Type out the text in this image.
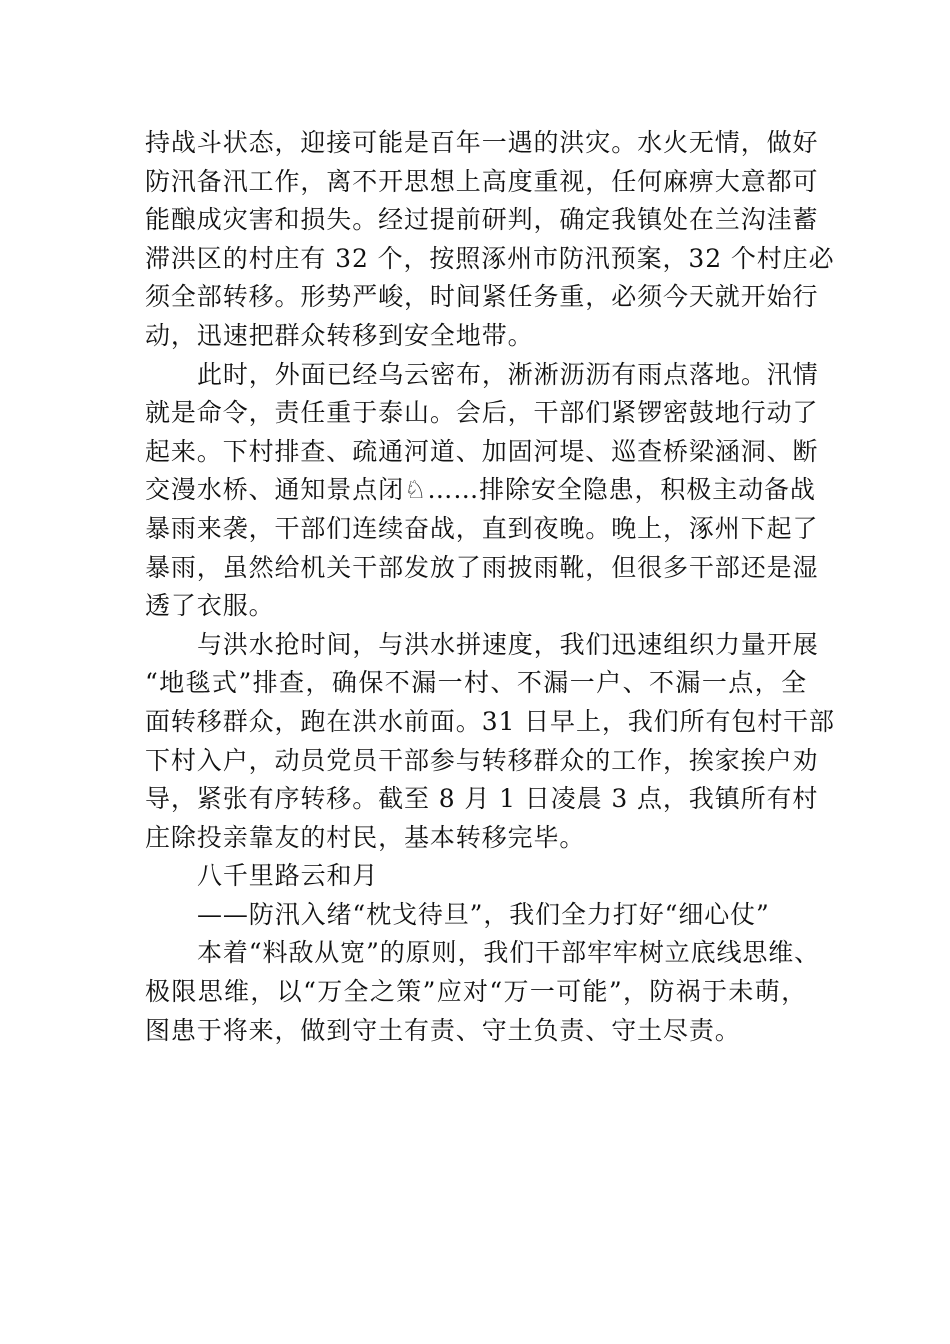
持战斗状态，迎接可能是百年一遇的洪灾。水火无情，做好
防汛备汛工作，离不开思想上高度重视，任何麻痹大意都可
能酿成灾害和损失。经过提前研判，确定我镇处在兰沟洼蓄
滞洪区的村庄有 32 个，按照涿州市防汛预案，32 个村庄必
须全部转移。形势严峻，时间紧任务重，必须今天就开始行
动，迅速把群众转移到安全地带。

此时，外面已经乌云密布，淅淅沥沥有雨点落地。汛情
就是命令，责任重于泰山。会后，干部们紧锣密鼓地行动了
起来。下村排查、疏通河道、加固河堤、巡查桥梁涵洞、断
交漫水桥、通知景点闭♘……排除安全隐患，积极主动备战
暴雨来袭，干部们连续奋战，直到夜晚。晚上，涿州下起了
暴雨，虽然给机关干部发放了雨披雨靴，但很多干部还是湿
透了衣服。

与洪水抢时间，与洪水拼速度，我们迅速组织力量开展
“地毯式”排查，确保不漏一村、不漏一户、不漏一点，全
面转移群众，跑在洪水前面。31 日早上，我们所有包村干部
下村入户，动员党员干部参与转移群众的工作，挨家挨户劝
导，紧张有序转移。截至 8 月 1 日凌晨 3 点，我镇所有村
庄除投亲靠友的村民，基本转移完毕。

八千里路云和月

——防汛入绪“枕戈待旦”，我们全力打好“细心仗”

本着“料敌从宽”的原则，我们干部牢牢树立底线思维、
极限思维，以“万全之策”应对“万一可能”，防祸于未萌，
图患于将来，做到守土有责、守土负责、守土尽责。
